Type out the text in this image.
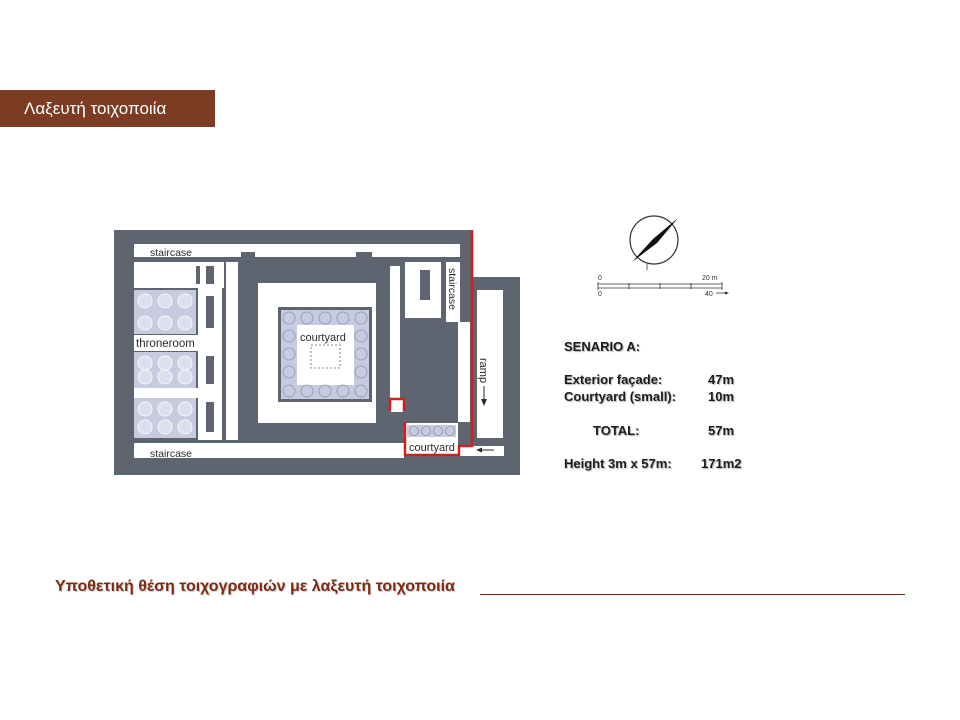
Λαξευτή τοιχοποιία
staircase
throneroom	courtyard
staircase
staircase
ramp
courtyard
0	20 m
0	40
SENARIO A:
Exterior façade:	47m
Courtyard (small): 10m
TOTAL:	57m
Height 3m x 57m: 171m2
Υποθετική θέση τοιχογραφιών με λαξευτή τοιχοποιία
